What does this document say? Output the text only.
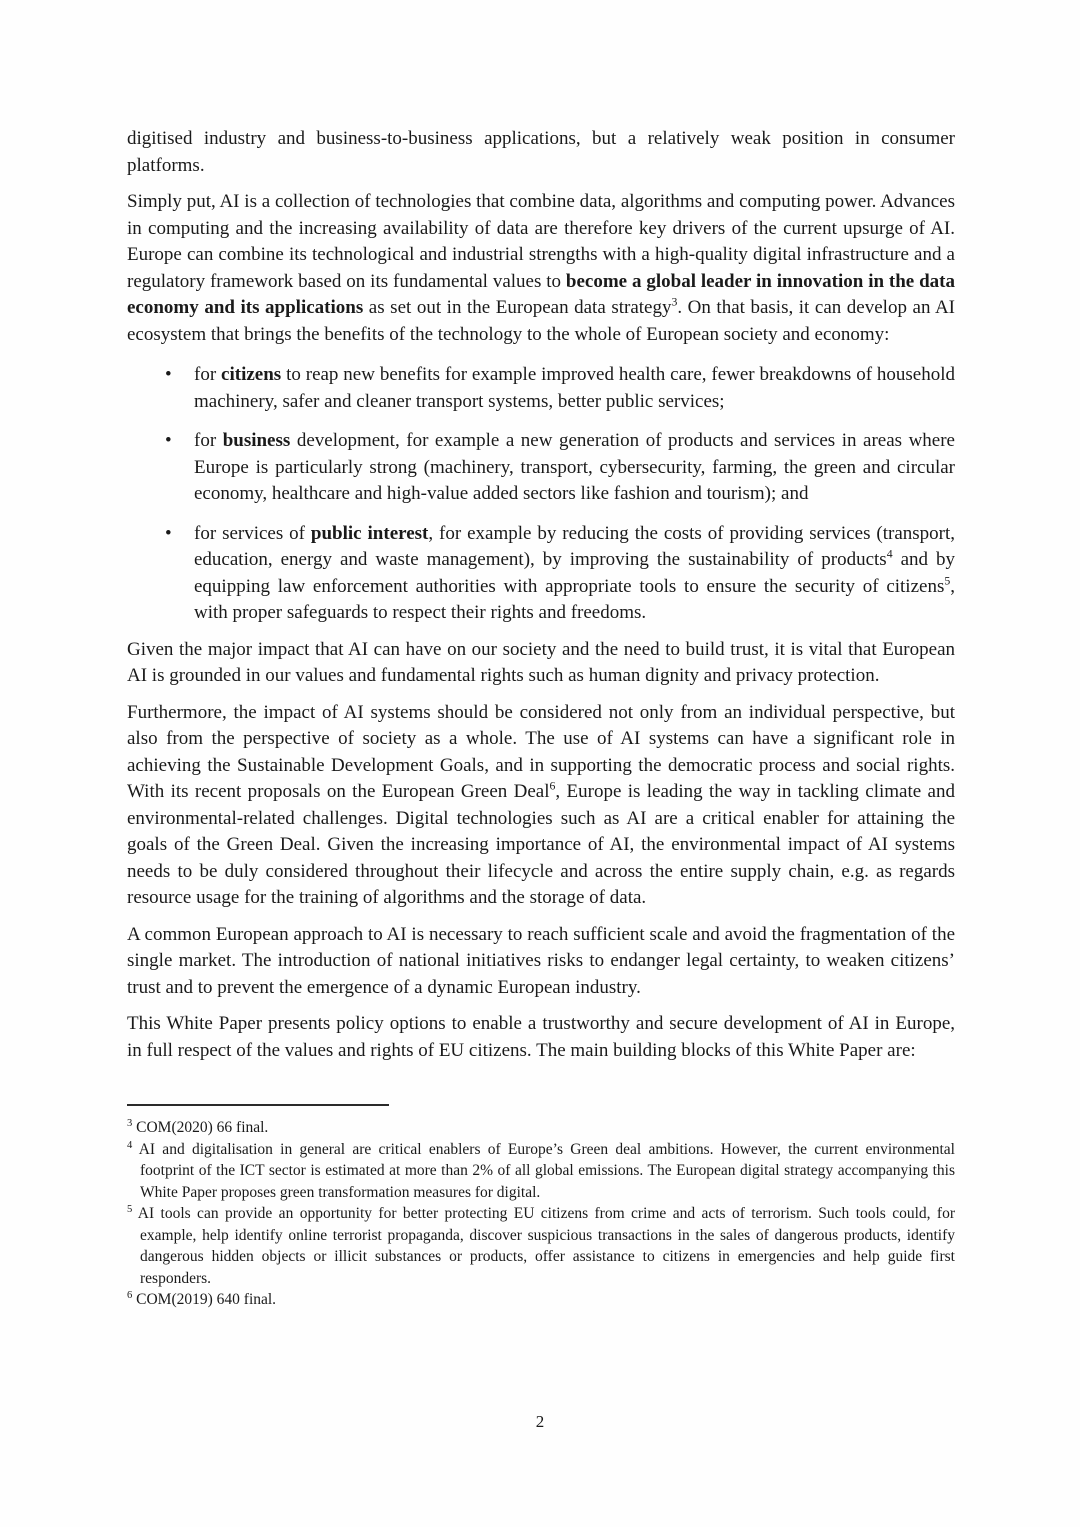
digitised industry and business-to-business applications, but a relatively weak position in consumer platforms.

Simply put, AI is a collection of technologies that combine data, algorithms and computing power. Advances in computing and the increasing availability of data are therefore key drivers of the current upsurge of AI. Europe can combine its technological and industrial strengths with a high-quality digital infrastructure and a regulatory framework based on its fundamental values to become a global leader in innovation in the data economy and its applications as set out in the European data strategy$^3$. On that basis, it can develop an AI ecosystem that brings the benefits of the technology to the whole of European society and economy:

• for citizens to reap new benefits for example improved health care, fewer breakdowns of household machinery, safer and cleaner transport systems, better public services;
• for business development, for example a new generation of products and services in areas where Europe is particularly strong (machinery, transport, cybersecurity, farming, the green and circular economy, healthcare and high-value added sectors like fashion and tourism); and
• for services of public interest, for example by reducing the costs of providing services (transport, education, energy and waste management), by improving the sustainability of products$^4$ and by equipping law enforcement authorities with appropriate tools to ensure the security of citizens$^5$, with proper safeguards to respect their rights and freedoms.

Given the major impact that AI can have on our society and the need to build trust, it is vital that European AI is grounded in our values and fundamental rights such as human dignity and privacy protection.

Furthermore, the impact of AI systems should be considered not only from an individual perspective, but also from the perspective of society as a whole. The use of AI systems can have a significant role in achieving the Sustainable Development Goals, and in supporting the democratic process and social rights. With its recent proposals on the European Green Deal$^6$, Europe is leading the way in tackling climate and environmental-related challenges. Digital technologies such as AI are a critical enabler for attaining the goals of the Green Deal. Given the increasing importance of AI, the environmental impact of AI systems needs to be duly considered throughout their lifecycle and across the entire supply chain, e.g. as regards resource usage for the training of algorithms and the storage of data.

A common European approach to AI is necessary to reach sufficient scale and avoid the fragmentation of the single market. The introduction of national initiatives risks to endanger legal certainty, to weaken citizens’ trust and to prevent the emergence of a dynamic European industry.

This White Paper presents policy options to enable a trustworthy and secure development of AI in Europe, in full respect of the values and rights of EU citizens. The main building blocks of this White Paper are:

$^3$ COM(2020) 66 final.
$^4$ AI and digitalisation in general are critical enablers of Europe’s Green deal ambitions. However, the current environmental footprint of the ICT sector is estimated at more than 2% of all global emissions. The European digital strategy accompanying this White Paper proposes green transformation measures for digital.
$^5$ AI tools can provide an opportunity for better protecting EU citizens from crime and acts of terrorism. Such tools could, for example, help identify online terrorist propaganda, discover suspicious transactions in the sales of dangerous products, identify dangerous hidden objects or illicit substances or products, offer assistance to citizens in emergencies and help guide first responders.
$^6$ COM(2019) 640 final.
2
